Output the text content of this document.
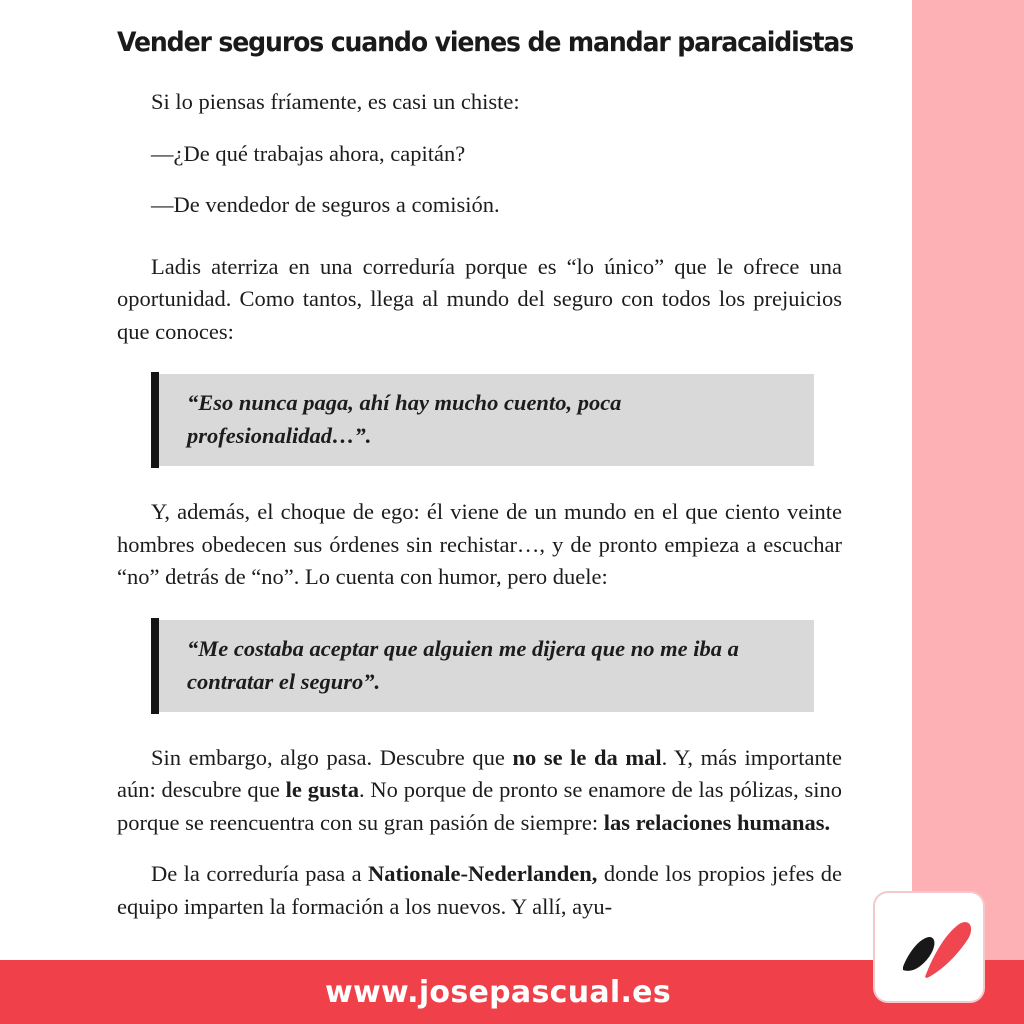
Vender seguros cuando vienes de mandar paracaidistas

Si lo piensas fríamente, es casi un chiste:

—¿De qué trabajas ahora, capitán?

—De vendedor de seguros a comisión.

Ladis aterriza en una correduría porque es “lo único” que le ofrece una oportunidad. Como tantos, llega al mundo del seguro con todos los prejuicios que conoces:

“Eso nunca paga, ahí hay mucho cuento, poca profesionalidad…”.

Y, además, el choque de ego: él viene de un mundo en el que ciento veinte hombres obedecen sus órdenes sin rechistar…, y de pronto empieza a escuchar “no” detrás de “no”. Lo cuenta con humor, pero duele:

“Me costaba aceptar que alguien me dijera que no me iba a contratar el seguro”.

Sin embargo, algo pasa. Descubre que no se le da mal. Y, más importante aún: descubre que le gusta. No porque de pronto se enamore de las pólizas, sino porque se reencuentra con su gran pasión de siempre: las relaciones humanas.

De la correduría pasa a Nationale-Nederlanden, donde los propios jefes de equipo imparten la formación a los nuevos. Y allí, ayu-

www.josepascual.es
